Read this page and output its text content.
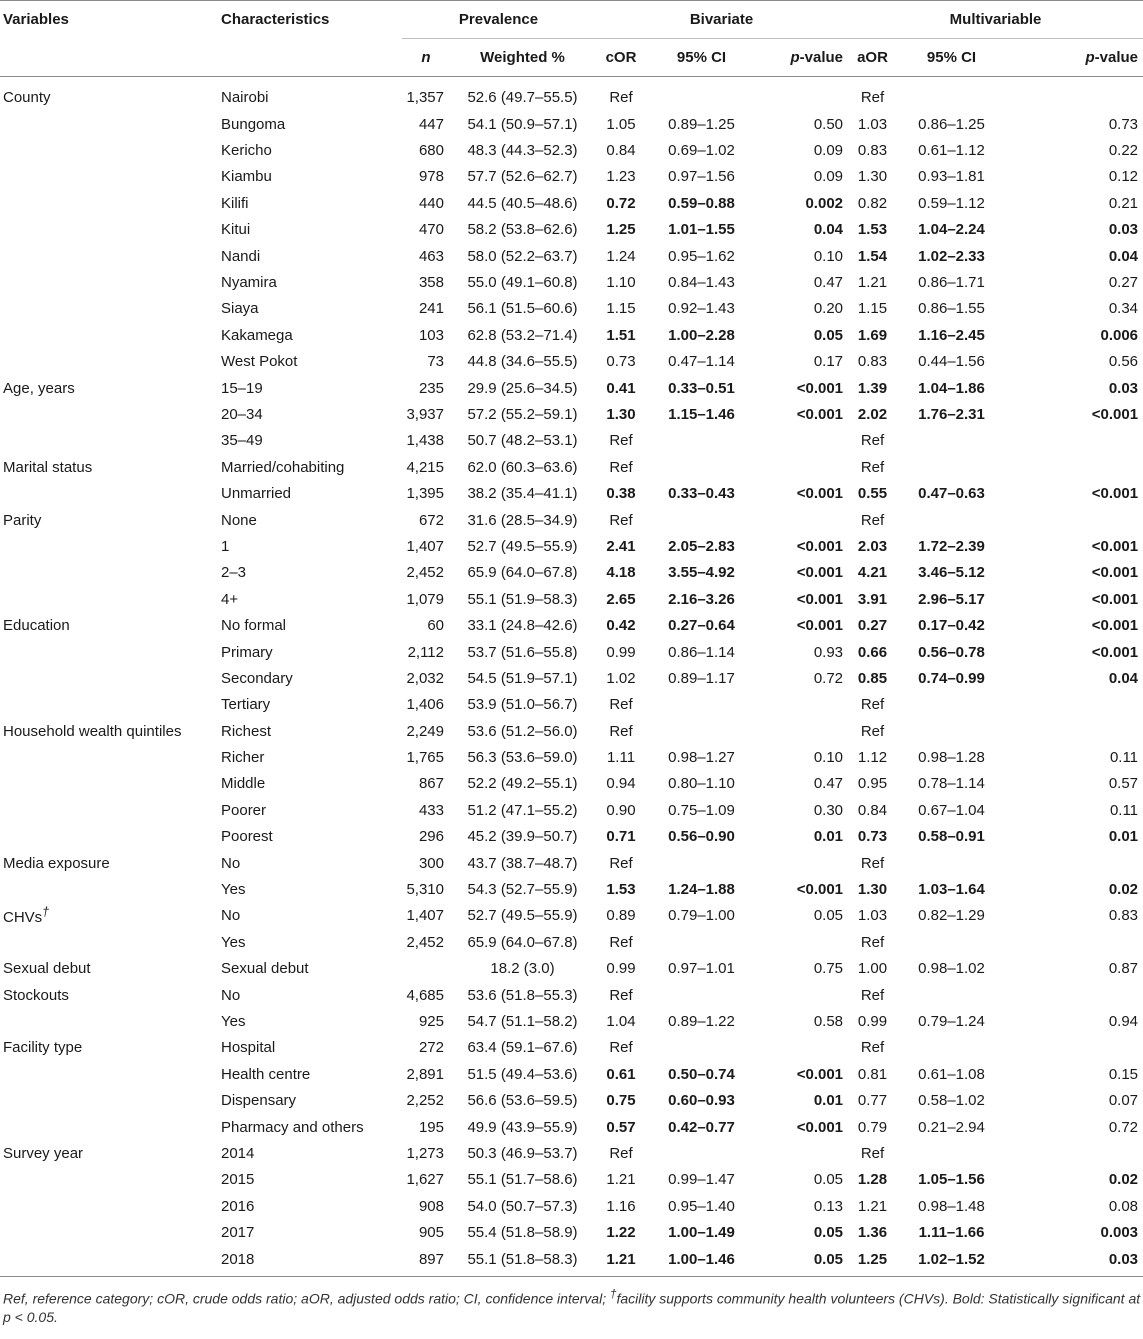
Variables	Characteristics	Prevalence		Bivariate			Multivariable		
		n	Weighted %	cOR	95% CI	p-value	aOR	95% CI	p-value
County	Nairobi	1,357	52.6 (49.7–55.5)	Ref			Ref		
	Bungoma	447	54.1 (50.9–57.1)	1.05	0.89–1.25	0.50	1.03	0.86–1.25	0.73
	Kericho	680	48.3 (44.3–52.3)	0.84	0.69–1.02	0.09	0.83	0.61–1.12	0.22
	Kiambu	978	57.7 (52.6–62.7)	1.23	0.97–1.56	0.09	1.30	0.93–1.81	0.12
	Kilifi	440	44.5 (40.5–48.6)	0.72	0.59–0.88	0.002	0.82	0.59–1.12	0.21
	Kitui	470	58.2 (53.8–62.6)	1.25	1.01–1.55	0.04	1.53	1.04–2.24	0.03
	Nandi	463	58.0 (52.2–63.7)	1.24	0.95–1.62	0.10	1.54	1.02–2.33	0.04
	Nyamira	358	55.0 (49.1–60.8)	1.10	0.84–1.43	0.47	1.21	0.86–1.71	0.27
	Siaya	241	56.1 (51.5–60.6)	1.15	0.92–1.43	0.20	1.15	0.86–1.55	0.34
	Kakamega	103	62.8 (53.2–71.4)	1.51	1.00–2.28	0.05	1.69	1.16–2.45	0.006
	West Pokot	73	44.8 (34.6–55.5)	0.73	0.47–1.14	0.17	0.83	0.44–1.56	0.56
Age, years	15–19	235	29.9 (25.6–34.5)	0.41	0.33–0.51	<0.001	1.39	1.04–1.86	0.03
	20–34	3,937	57.2 (55.2–59.1)	1.30	1.15–1.46	<0.001	2.02	1.76–2.31	<0.001
	35–49	1,438	50.7 (48.2–53.1)	Ref			Ref		
Marital status	Married/cohabiting	4,215	62.0 (60.3–63.6)	Ref			Ref		
	Unmarried	1,395	38.2 (35.4–41.1)	0.38	0.33–0.43	<0.001	0.55	0.47–0.63	<0.001
Parity	None	672	31.6 (28.5–34.9)	Ref			Ref		
	1	1,407	52.7 (49.5–55.9)	2.41	2.05–2.83	<0.001	2.03	1.72–2.39	<0.001
	2–3	2,452	65.9 (64.0–67.8)	4.18	3.55–4.92	<0.001	4.21	3.46–5.12	<0.001
	4+	1,079	55.1 (51.9–58.3)	2.65	2.16–3.26	<0.001	3.91	2.96–5.17	<0.001
Education	No formal	60	33.1 (24.8–42.6)	0.42	0.27–0.64	<0.001	0.27	0.17–0.42	<0.001
	Primary	2,112	53.7 (51.6–55.8)	0.99	0.86–1.14	0.93	0.66	0.56–0.78	<0.001
	Secondary	2,032	54.5 (51.9–57.1)	1.02	0.89–1.17	0.72	0.85	0.74–0.99	0.04
	Tertiary	1,406	53.9 (51.0–56.7)	Ref			Ref		
Household wealth quintiles	Richest	2,249	53.6 (51.2–56.0)	Ref			Ref		
	Richer	1,765	56.3 (53.6–59.0)	1.11	0.98–1.27	0.10	1.12	0.98–1.28	0.11
	Middle	867	52.2 (49.2–55.1)	0.94	0.80–1.10	0.47	0.95	0.78–1.14	0.57
	Poorer	433	51.2 (47.1–55.2)	0.90	0.75–1.09	0.30	0.84	0.67–1.04	0.11
	Poorest	296	45.2 (39.9–50.7)	0.71	0.56–0.90	0.01	0.73	0.58–0.91	0.01
Media exposure	No	300	43.7 (38.7–48.7)	Ref			Ref		
	Yes	5,310	54.3 (52.7–55.9)	1.53	1.24–1.88	<0.001	1.30	1.03–1.64	0.02
CHVs†	No	1,407	52.7 (49.5–55.9)	0.89	0.79–1.00	0.05	1.03	0.82–1.29	0.83
	Yes	2,452	65.9 (64.0–67.8)	Ref			Ref		
Sexual debut	Sexual debut		18.2 (3.0)	0.99	0.97–1.01	0.75	1.00	0.98–1.02	0.87
Stockouts	No	4,685	53.6 (51.8–55.3)	Ref			Ref		
	Yes	925	54.7 (51.1–58.2)	1.04	0.89–1.22	0.58	0.99	0.79–1.24	0.94
Facility type	Hospital	272	63.4 (59.1–67.6)	Ref			Ref		
	Health centre	2,891	51.5 (49.4–53.6)	0.61	0.50–0.74	<0.001	0.81	0.61–1.08	0.15
	Dispensary	2,252	56.6 (53.6–59.5)	0.75	0.60–0.93	0.01	0.77	0.58–1.02	0.07
	Pharmacy and others	195	49.9 (43.9–55.9)	0.57	0.42–0.77	<0.001	0.79	0.21–2.94	0.72
Survey year	2014	1,273	50.3 (46.9–53.7)	Ref			Ref		
	2015	1,627	55.1 (51.7–58.6)	1.21	0.99–1.47	0.05	1.28	1.05–1.56	0.02
	2016	908	54.0 (50.7–57.3)	1.16	0.95–1.40	0.13	1.21	0.98–1.48	0.08
	2017	905	55.4 (51.8–58.9)	1.22	1.00–1.49	0.05	1.36	1.11–1.66	0.003
	2018	897	55.1 (51.8–58.3)	1.21	1.00–1.46	0.05	1.25	1.02–1.52	0.03
Ref, reference category; cOR, crude odds ratio; aOR, adjusted odds ratio; CI, confidence interval; †facility supports community health volunteers (CHVs). Bold: Statistically significant at p < 0.05.
